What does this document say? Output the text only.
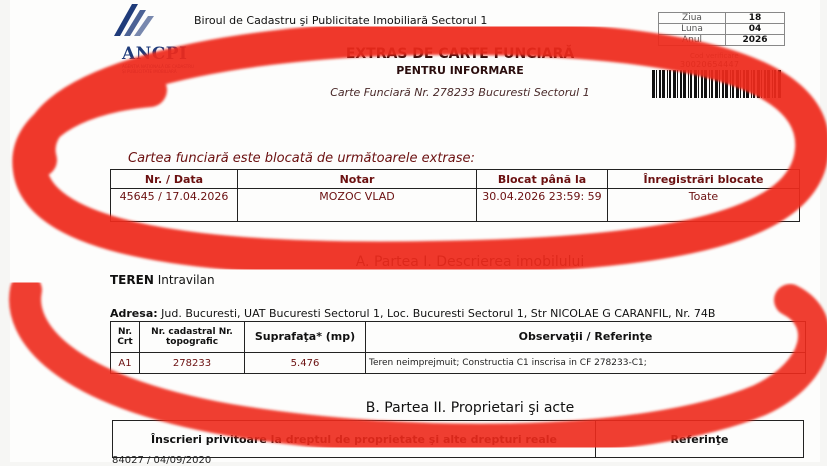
ANCPI
AGENȚIA NAȚIONALĂ DE CADASTRU ȘI PUBLICITATE IMOBILIARĂ
Biroul de Cadastru şi Publicitate Imobiliară Sectorul 1
EXTRAS DE CARTE FUNCIARĂ
PENTRU INFORMARE
Carte Funciară Nr. 278233 Bucuresti Sectorul 1
Ziua	18
Luna	04
Anul	2026
Cod verificare
30020654447
Cartea funciară este blocată de următoarele extrase:
Nr. / Data	Notar	Blocat până la	Înregistrări blocate
45645 / 17.04.2026	MOZOC VLAD	30.04.2026 23:59: 59	Toate
A. Partea I. Descrierea imobilului
TEREN Intravilan
Adresa: Jud. Bucuresti, UAT Bucuresti Sectorul 1, Loc. Bucuresti Sectorul 1, Str NICOLAE G CARANFIL, Nr. 74B
Nr. Crt	Nr. cadastral Nr. topografic	Suprafaţa* (mp)	Observaţii / Referinţe
A1	278233	5.476	Teren neimprejmuit; Constructia C1 inscrisa in CF 278233-C1;
B. Partea II. Proprietari şi acte
Înscrieri privitoare la dreptul de proprietate şi alte drepturi reale	Referinţe
84027 / 04/09/2020
